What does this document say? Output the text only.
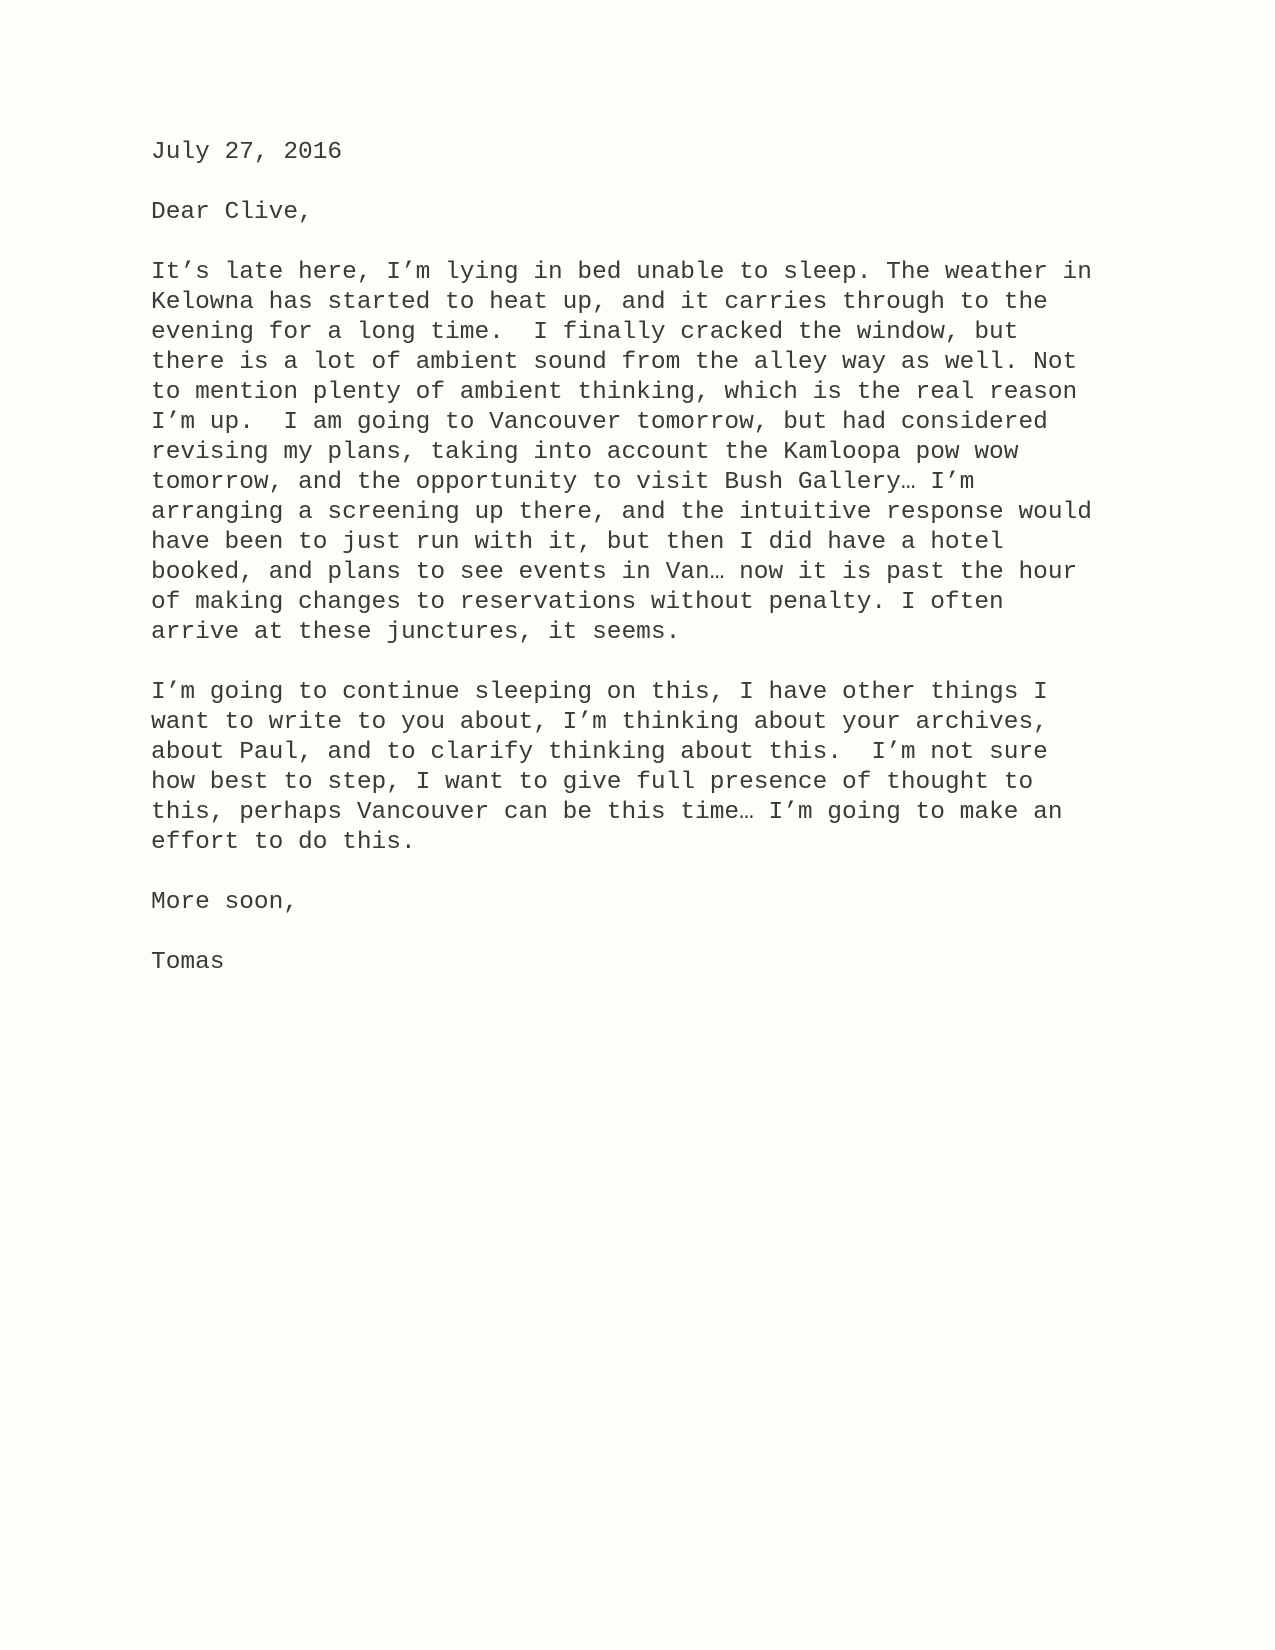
July 27, 2016
Dear Clive,
It’s late here, I’m lying in bed unable to sleep. The weather in
Kelowna has started to heat up, and it carries through to the
evening for a long time.  I finally cracked the window, but
there is a lot of ambient sound from the alley way as well. Not
to mention plenty of ambient thinking, which is the real reason
I’m up.  I am going to Vancouver tomorrow, but had considered
revising my plans, taking into account the Kamloopa pow wow
tomorrow, and the opportunity to visit Bush Gallery… I’m
arranging a screening up there, and the intuitive response would
have been to just run with it, but then I did have a hotel
booked, and plans to see events in Van… now it is past the hour
of making changes to reservations without penalty. I often
arrive at these junctures, it seems.
I’m going to continue sleeping on this, I have other things I
want to write to you about, I’m thinking about your archives,
about Paul, and to clarify thinking about this.  I’m not sure
how best to step, I want to give full presence of thought to
this, perhaps Vancouver can be this time… I’m going to make an
effort to do this.
More soon,
Tomas
